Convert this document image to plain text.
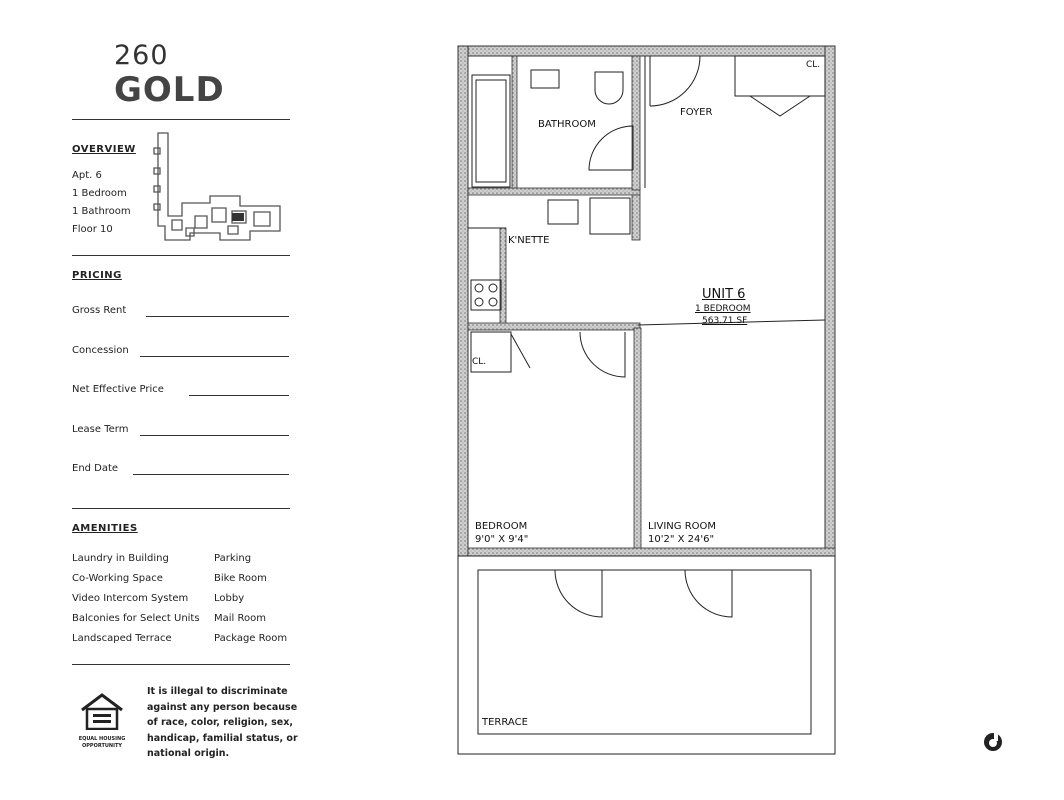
260
GOLD
OVERVIEW
Apt. 6
1 Bedroom
1 Bathroom
Floor 10
PRICING
Gross Rent
Concession
Net Effective Price
Lease Term
End Date
AMENITIES
Laundry in Building
Co-Working Space
Video Intercom System
Balconies for Select Units
Landscaped Terrace
Parking
Bike Room
Lobby
Mail Room
Package Room
EQUAL HOUSING OPPORTUNITY
It is illegal to discriminate
against any person because
of race, color, religion, sex,
handicap, familial status, or
national origin.
BATHROOM
FOYER
CL.
K'NETTE
UNIT 6
1 BEDROOM
563.71 SF
CL.
BEDROOM
9'0" X 9'4"
LIVING ROOM
10'2" X 24'6"
TERRACE
